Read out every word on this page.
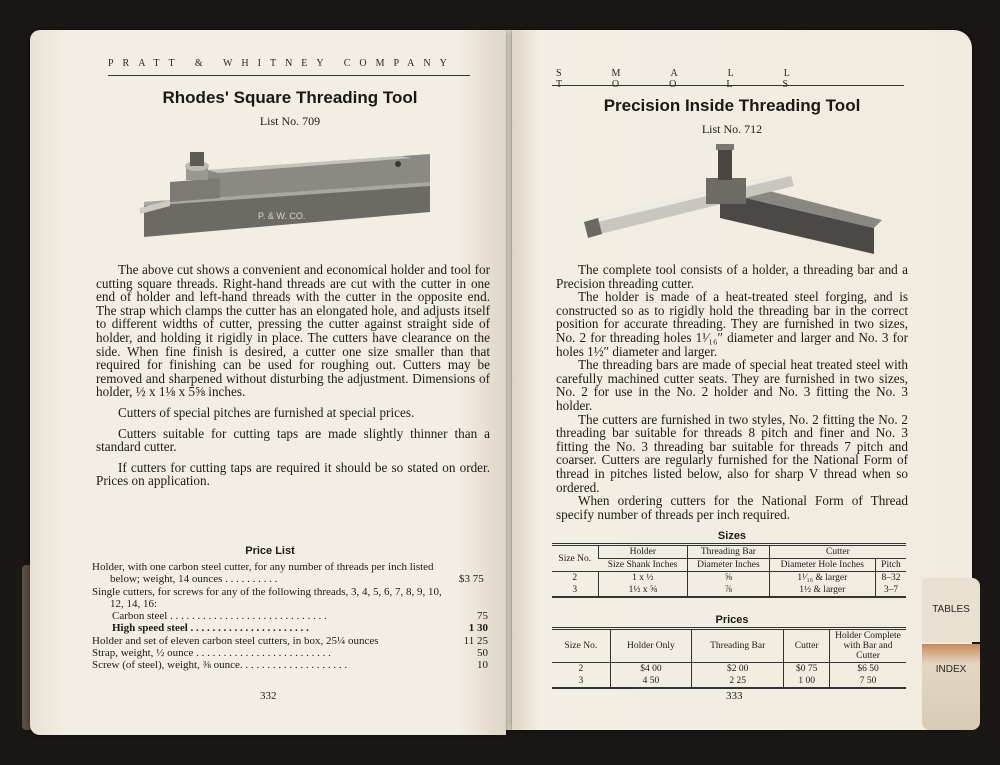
PRATT & WHITNEY COMPANY
Rhodes' Square Threading Tool
List No. 709
P. & W. CO.

The above cut shows a convenient and economical holder and tool for cutting square threads. Right-hand threads are cut with the cutter in one end of holder and left-hand threads with the cutter in the opposite end. The strap which clamps the cutter has an elongated hole, and adjusts itself to different widths of cutter, pressing the cutter against straight side of holder, and holding it rigidly in place. The cutters have clearance on the side. When fine finish is desired, a cutter one size smaller than that required for finishing can be used for roughing out. Cutters may be removed and sharpened without disturbing the adjustment. Dimensions of holder, ½ x 1⅛ x 5⅝ inches.

Cutters of special pitches are furnished at special prices.

Cutters suitable for cutting taps are made slightly thinner than a standard cutter.

If cutters for cutting taps are required it should be so stated on order. Prices on application.

Price List
Holder, with one carbon steel cutter, for any number of threads per inch listed below; weight, 14 ounces . . . . . . . . . .	$3 75
Single cutters, for screws for any of the following threads, 3, 4, 5, 6, 7, 8, 9, 10, 12, 14, 16:
Carbon steel . . . . . . . . . . . . . . . . . . . . . . . . . . . . .	75
High speed steel . . . . . . . . . . . . . . . . . . . . . .	1 30
Holder and set of eleven carbon steel cutters, in box, 25¼ ounces	11 25
Strap, weight, ½ ounce . . . . . . . . . . . . . . . . . . . . . . . . .	50
Screw (of steel), weight, ⅜ ounce. . . . . . . . . . . . . . . . . . . .	10
332
SMALL TOOLS
Precision Inside Threading Tool
List No. 712

The complete tool consists of a holder, a threading bar and a Precision threading cutter.

The holder is made of a heat-treated steel forging, and is constructed so as to rigidly hold the threading bar in the correct position for accurate threading. They are furnished in two sizes, No. 2 for threading holes 1¹⁄₁₆″ diameter and larger and No. 3 for holes 1½″ diameter and larger.

The threading bars are made of special heat treated steel with carefully machined cutter seats. They are furnished in two sizes, No. 2 for use in the No. 2 holder and No. 3 fitting the No. 3 holder.

The cutters are furnished in two styles, No. 2 fitting the No. 2 threading bar suitable for threads 8 pitch and finer and No. 3 fitting the No. 3 threading bar suitable for threads 7 pitch and coarser. Cutters are regularly furnished for the National Form of thread in pitches listed below, also for sharp V thread when so ordered.

When ordering cutters for the National Form of Thread specify number of threads per inch required.

Sizes
Size No.	Holder	Threading Bar	Cutter	
	Size Shank Inches	Diameter Inches	Diameter Hole Inches	Pitch
2	1 x ½	⅝	1¹⁄₁₆ & larger	8–32
3	1½ x ⅝	⅞	1½ & larger	3–7
Prices
Size No.	Holder Only	Threading Bar	Cutter	Holder Complete with Bar and Cutter
2	$4 00	$2 00	$0 75	$6 50
3	4 50	2 25	1 00	7 50
333
TABLES
INDEX
